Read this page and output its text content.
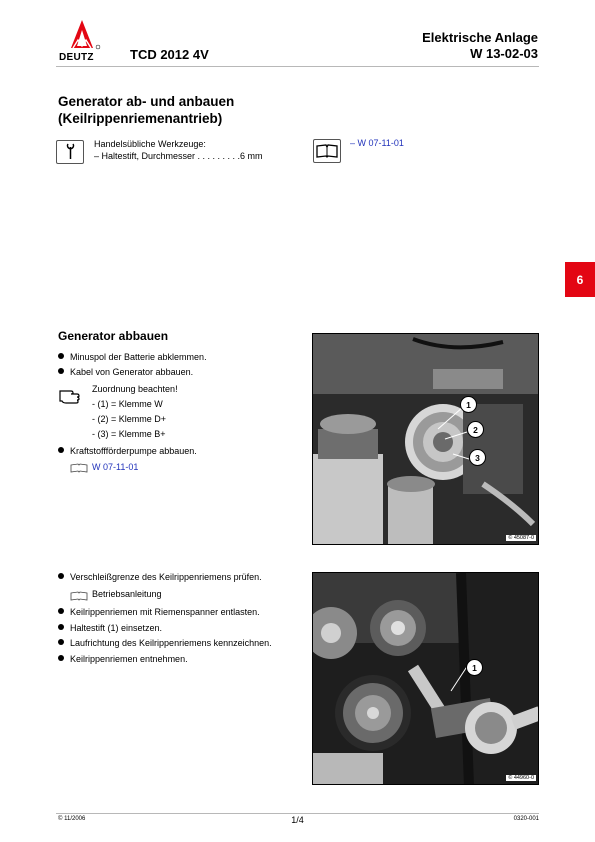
DEUTZ	TCD 2012 4V
Elektrische Anlage
W 13-02-03
Generator ab- und anbauen
(Keilrippenriemenantrieb)
Handelsübliche Werkzeuge:
– Haltestift, Durchmesser . . . . . . . . .6 mm
– W 07-11-01
6
Generator abbauen
Minuspol der Batterie abklemmen.
Kabel von Generator abbauen.
Zuordnung beachten!
- (1) = Klemme W
- (2) = Klemme D+
- (3) = Klemme B+
Kraftstoffförderpumpe abbauen.
W 07-11-01
1
2
3
© 45087-0
Verschleißgrenze des Keilrippenriemens prüfen.
Betriebsanleitung
Keilrippenriemen mit Riemenspanner entlasten.
Haltestift (1) einsetzen.
Laufrichtung des Keilrippenriemens kennzeichnen.
Keilrippenriemen entnehmen.
1
© 44960-0
© 11/2006	1/4	0320-001
